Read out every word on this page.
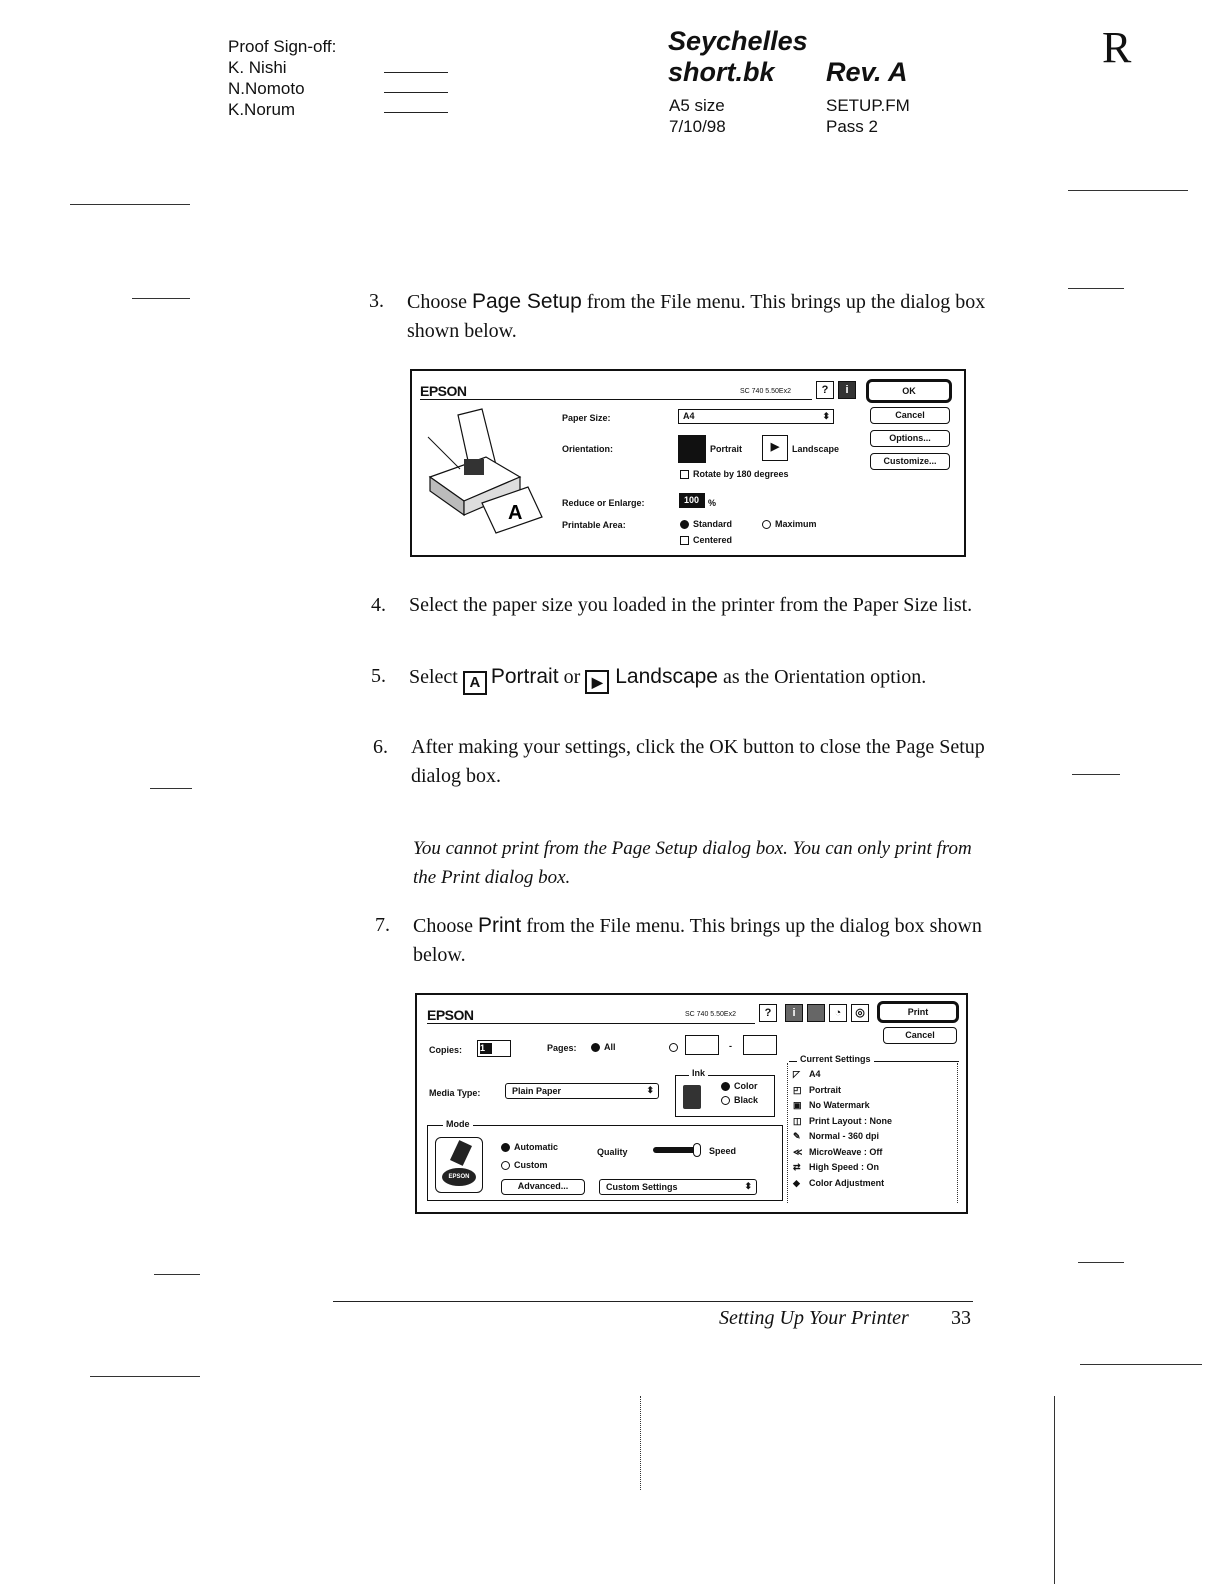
Proof Sign-off:
K. Nishi
N.Nomoto
K.Norum
Seychelles
short.bk	Rev. A
A5 size
7/10/98
SETUP.FM
Pass 2
R
3. Choose Page Setup from the File menu. This brings up the dialog box shown below.
EPSON	SC 740 5.50Ex2	?	i
A
Paper Size:	A4	⬍
Orientation:	Portrait	▶	Landscape
Rotate by 180 degrees
Reduce or Enlarge:	100 %
Printable Area:	Standard	Maximum
Centered
OK
Cancel
Options...
Customize...
4. Select the paper size you loaded in the printer from the Paper Size list.
5. Select A Portrait or ▶ Landscape as the Orientation option.
6. After making your settings, click the OK button to close the Page Setup dialog box.
You cannot print from the Page Setup dialog box. You can only print from the Print dialog box.
7. Choose Print from the File menu. This brings up the dialog box shown below.
EPSON	SC 740 5.50Ex2	?	i	◔	◎	Print
Cancel
Copies: 1	Pages:	All	-
Media Type:	Plain Paper	⬍
Ink
Color
Black
Mode
EPSON
Automatic
Custom
Quality	Speed
Advanced...	Custom Settings	⬍
Current Settings
◸ A4
◰ Portrait
▣ No Watermark
◫ Print Layout : None
✎ Normal - 360 dpi
≪ MicroWeave : Off
⇄ High Speed : On
◆ Color Adjustment
Setting Up Your Printer 33
